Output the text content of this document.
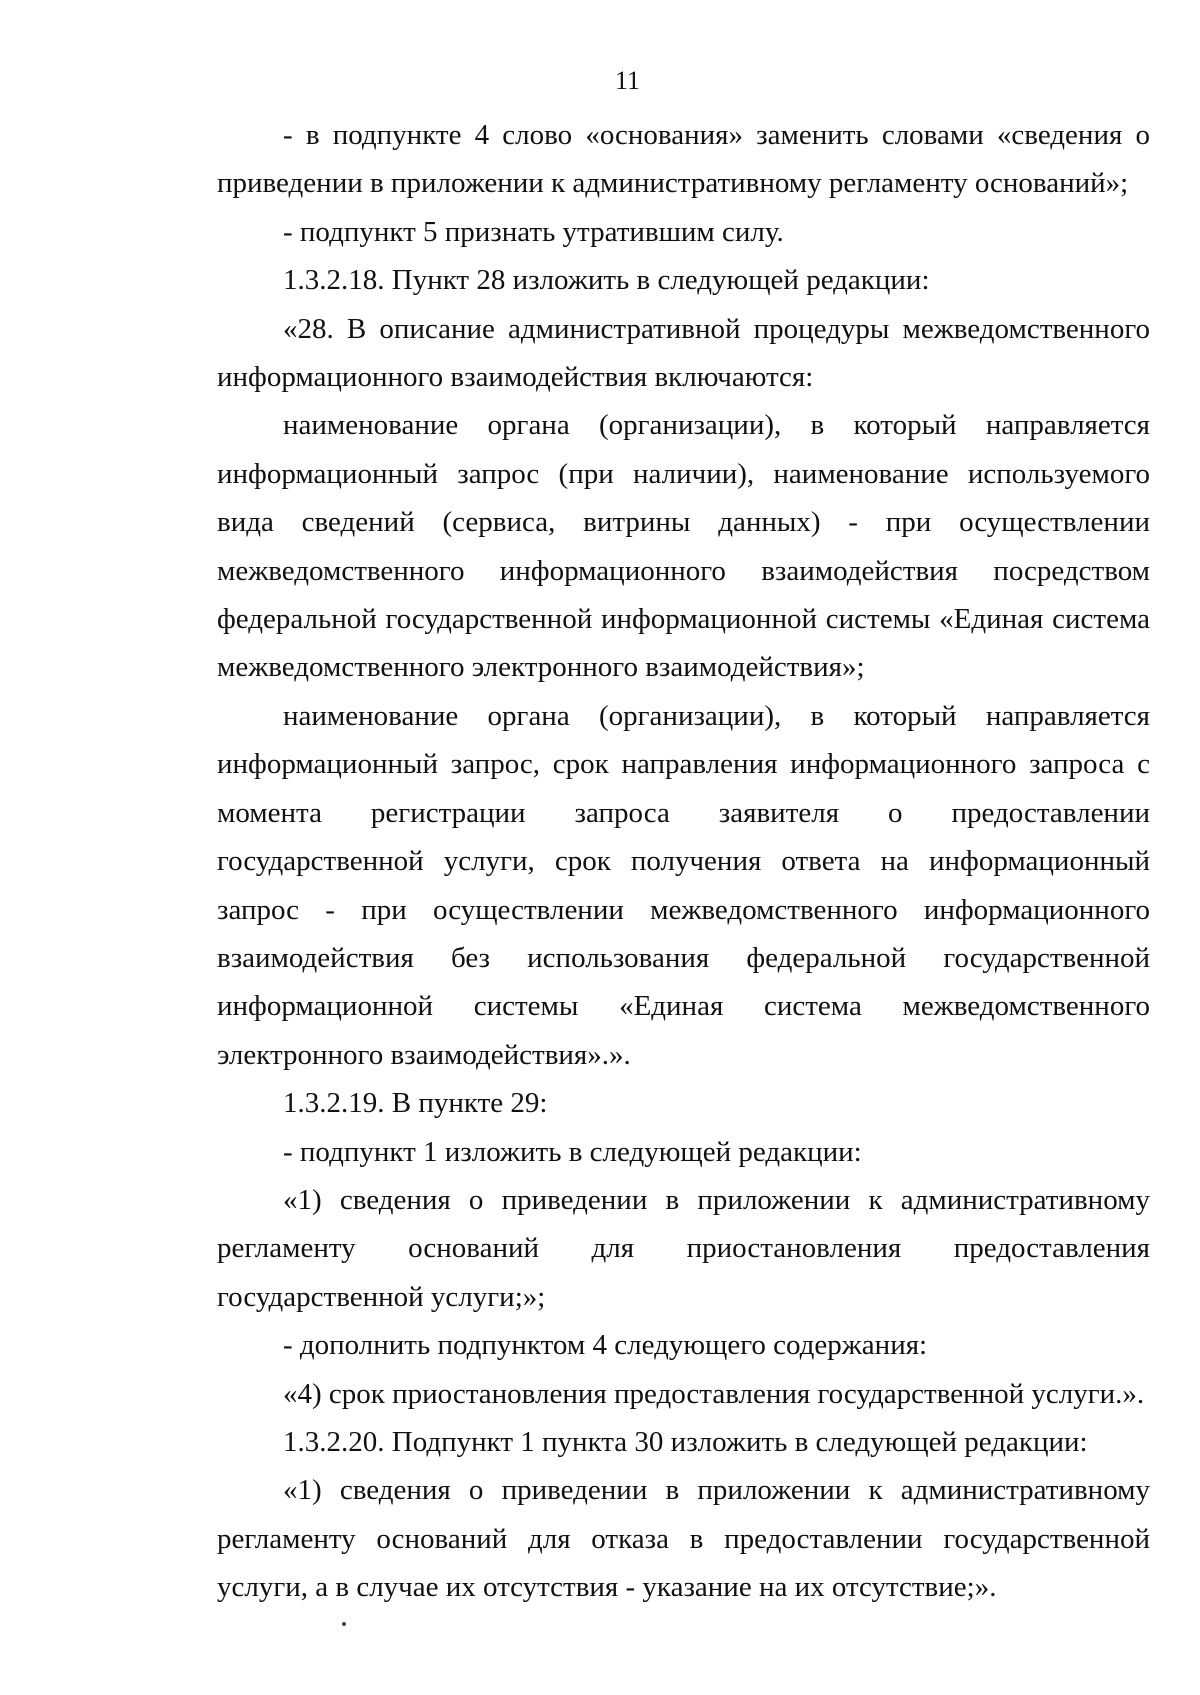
11

- в подпункте 4 слово «основания» заменить словами «сведения о приведении в приложении к административному регламенту оснований»;

- подпункт 5 признать утратившим силу.

1.3.2.18. Пункт 28 изложить в следующей редакции:

«28. В описание административной процедуры межведомственного информационного взаимодействия включаются:

наименование органа (организации), в который направляется информационный запрос (при наличии), наименование используемого вида сведений (сервиса, витрины данных) - при осуществлении межведомственного информационного взаимодействия посредством федеральной государственной информационной системы «Единая система межведомственного электронного взаимодействия»;

наименование органа (организации), в который направляется информационный запрос, срок направления информационного запроса с момента регистрации запроса заявителя о предоставлении государственной услуги, срок получения ответа на информационный запрос - при осуществлении межведомственного информационного взаимодействия без использования федеральной государственной информационной системы «Единая система межведомственного электронного взаимодействия».».

1.3.2.19. В пункте 29:

- подпункт 1 изложить в следующей редакции:

«1) сведения о приведении в приложении к административному регламенту оснований для приостановления предоставления государственной услуги;»;

- дополнить подпунктом 4 следующего содержания:

«4) срок приостановления предоставления государственной услуги.».

1.3.2.20. Подпункт 1 пункта 30 изложить в следующей редакции:

«1) сведения о приведении в приложении к административному регламенту оснований для отказа в предоставлении государственной услуги, а в случае их отсутствия - указание на их отсутствие;».
